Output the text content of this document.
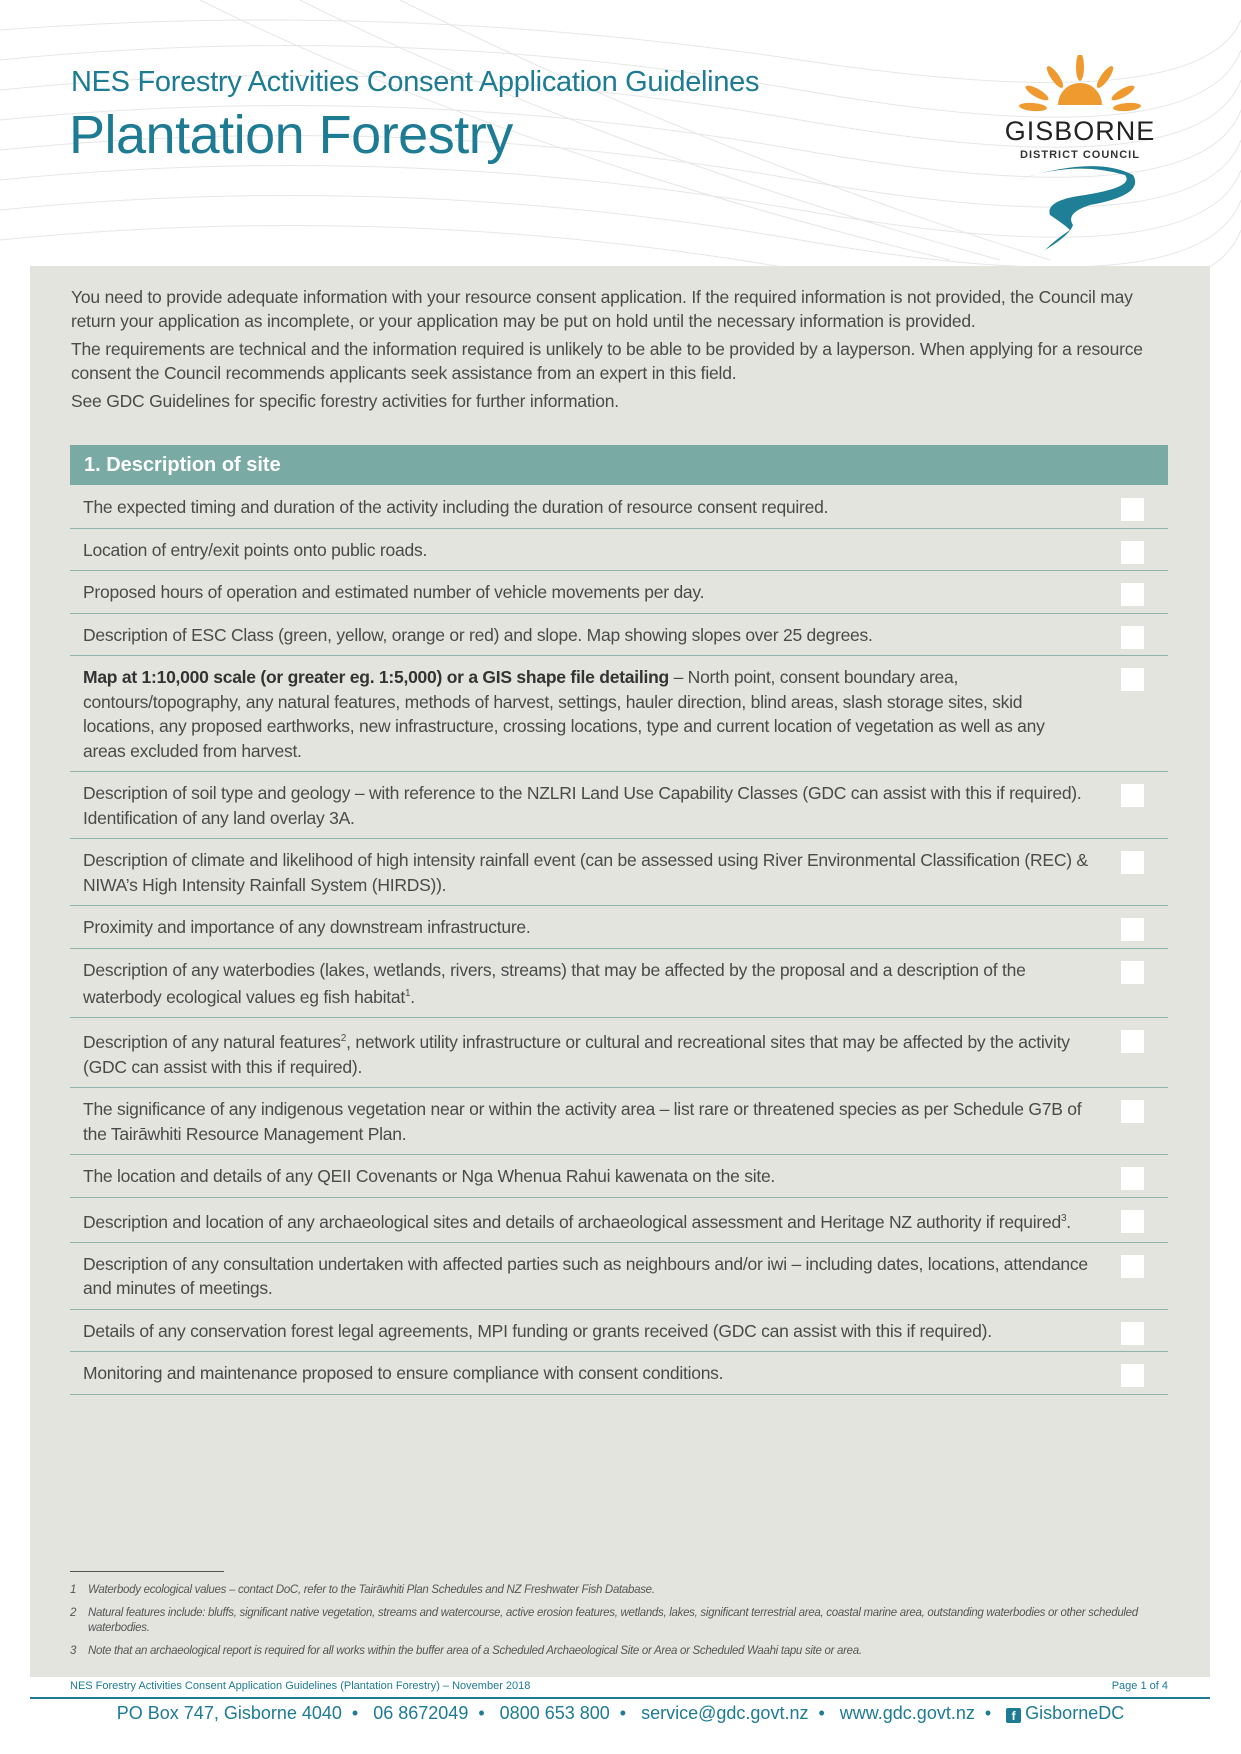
NES Forestry Activities Consent Application Guidelines
Plantation Forestry	GISBORNE
DISTRICT COUNCIL

You need to provide adequate information with your resource consent application. If the required information is not provided, the Council may return your application as incomplete, or your application may be put on hold until the necessary information is provided.

The requirements are technical and the information required is unlikely to be able to be provided by a layperson. When applying for a resource consent the Council recommends applicants seek assistance from an expert in this field.

See GDC Guidelines for specific forestry activities for further information.

1. Description of site
The expected timing and duration of the activity including the duration of resource consent required.
Location of entry/exit points onto public roads.
Proposed hours of operation and estimated number of vehicle movements per day.
Description of ESC Class (green, yellow, orange or red) and slope. Map showing slopes over 25 degrees.
Map at 1:10,000 scale (or greater eg. 1:5,000) or a GIS shape file detailing – North point, consent boundary area, contours/topography, any natural features, methods of harvest, settings, hauler direction, blind areas, slash storage sites, skid locations, any proposed earthworks, new infrastructure, crossing locations, type and current location of vegetation as well as any areas excluded from harvest.
Description of soil type and geology – with reference to the NZLRI Land Use Capability Classes (GDC can assist with this if required). Identification of any land overlay 3A.
Description of climate and likelihood of high intensity rainfall event (can be assessed using River Environmental Classification (REC) & NIWA’s High Intensity Rainfall System (HIRDS)).
Proximity and importance of any downstream infrastructure.
Description of any waterbodies (lakes, wetlands, rivers, streams) that may be affected by the proposal and a description of the waterbody ecological values eg fish habitat$^1$.
Description of any natural features$^2$, network utility infrastructure or cultural and recreational sites that may be affected by the activity (GDC can assist with this if required).
The significance of any indigenous vegetation near or within the activity area – list rare or threatened species as per Schedule G7B of the Tairāwhiti Resource Management Plan.
The location and details of any QEII Covenants or Nga Whenua Rahui kawenata on the site.
Description and location of any archaeological sites and details of archaeological assessment and Heritage NZ authority if required$^3$.
Description of any consultation undertaken with affected parties such as neighbours and/or iwi – including dates, locations, attendance and minutes of meetings.
Details of any conservation forest legal agreements, MPI funding or grants received (GDC can assist with this if required).
Monitoring and maintenance proposed to ensure compliance with consent conditions.
1	Waterbody ecological values – contact DoC, refer to the Tairāwhiti Plan Schedules and NZ Freshwater Fish Database.
2	Natural features include: bluffs, significant native vegetation, streams and watercourse, active erosion features, wetlands, lakes, significant terrestrial area, coastal marine area, outstanding waterbodies or other scheduled waterbodies.
3	Note that an archaeological report is required for all works within the buffer area of a Scheduled Archaeological Site or Area or Scheduled Waahi tapu site or area.
NES Forestry Activities Consent Application Guidelines (Plantation Forestry) – November 2018	Page 1 of 4
PO Box 747, Gisborne 4040 • 06 8672049 • 0800 653 800 • service@gdc.govt.nz • www.gdc.govt.nz • f GisborneDC
